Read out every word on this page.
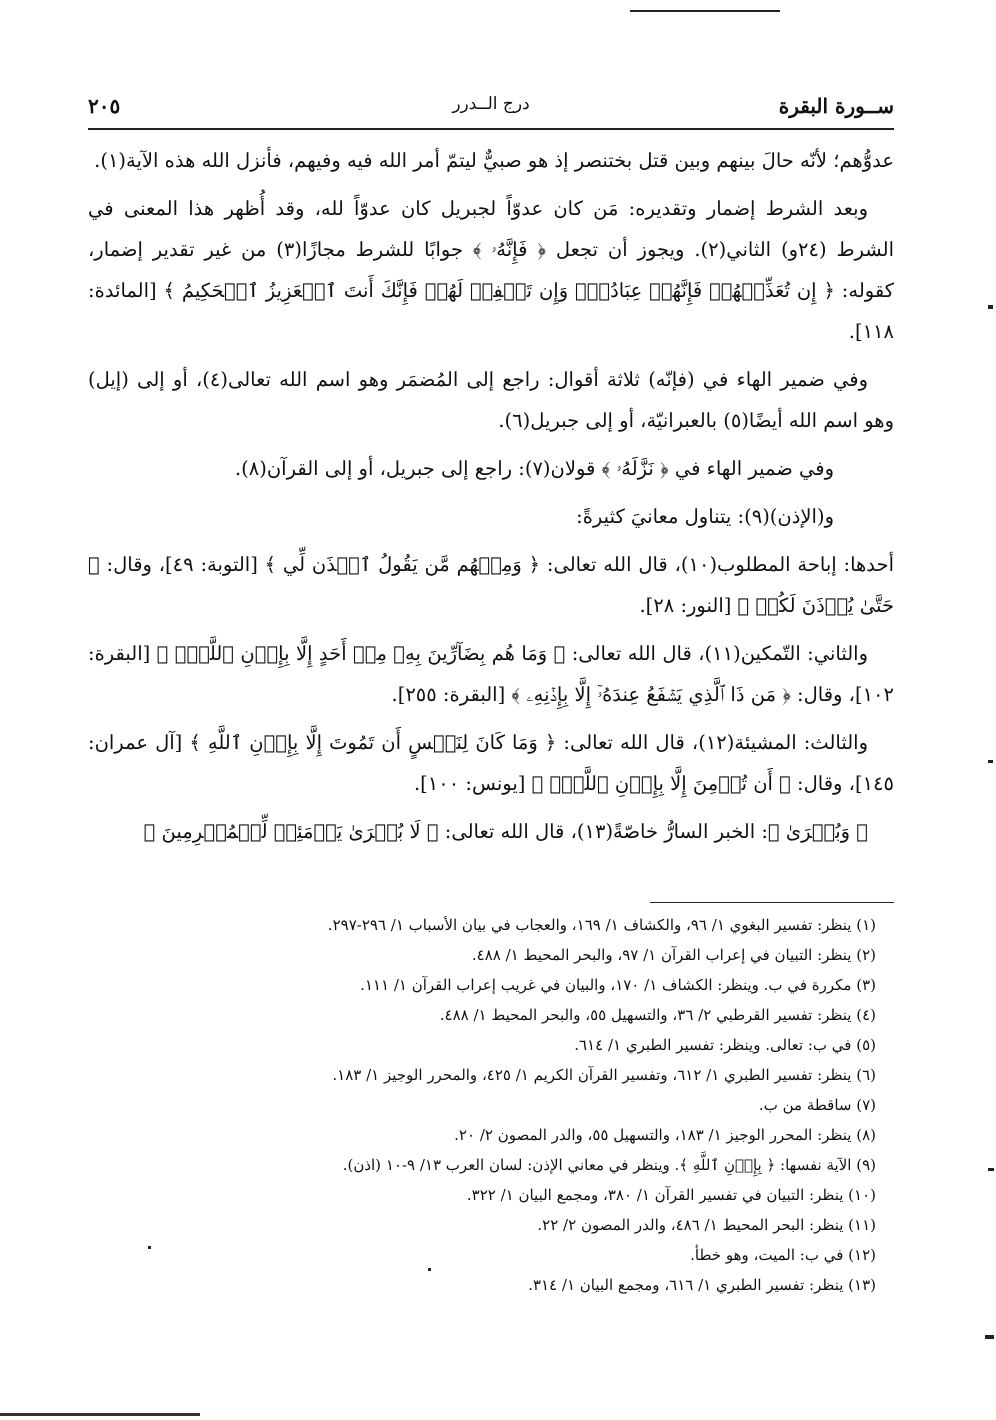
ســورة البقرة
درج الــدرر
٢٠٥

عدوُّهم؛ لأنّه حالَ بينهم وبين قتل بختنصر إذ هو صبيٌّ ليتمّ أمر الله فيه وفيهم، فأنزل الله هذه الآية(١).

وبعد الشرط إضمار وتقديره: مَن كان عدوّاً لجبريل كان عدوّاً لله، وقد أُظهر هذا المعنى في الشرط (٢٤و) الثاني(٢). ويجوز أن تجعل ﴿ فَإِنَّهُۥ ﴾ جوابًا للشرط مجازًا(٣) من غير تقدير إضمار، كقوله: ﴿ إِن تُعَذِّبۡهُمۡ فَإِنَّهُمۡ عِبَادُكَۖ وَإِن تَغۡفِرۡ لَهُمۡ فَإِنَّكَ أَنتَ ٱلۡعَزِيزُ ٱلۡحَكِيمُ ﴾ [المائدة: ١١٨].

وفي ضمير الهاء في (فإنّه) ثلاثة أقوال: راجع إلى المُضمَر وهو اسم الله تعالى(٤)، أو إلى (إيل) وهو اسم الله أيضًا(٥) بالعبرانيّة، أو إلى جبريل(٦).

وفي ضمير الهاء في ﴿ نَزَّلَهُۥ ﴾ قولان(٧): راجع إلى جبريل، أو إلى القرآن(٨).

و(الإذن)(٩): يتناول معانيَ كثيرةً:

أحدها: إباحة المطلوب(١٠)، قال الله تعالى: ﴿ وَمِنۡهُم مَّن يَقُولُ ٱئۡذَن لِّي ﴾ [التوبة: ٤٩]، وقال: ﴿ حَتَّىٰ يُؤۡذَنَ لَكُمۡ ﴾ [النور: ٢٨].

والثاني: التّمكين(١١)، قال الله تعالى: ﴿ وَمَا هُم بِضَآرِّينَ بِهِۦ مِنۡ أَحَدٍ إِلَّا بِإِذۡنِ ٱللَّهِۚ ﴾ [البقرة: ١٠٢]، وقال: ﴿ مَن ذَا ٱلَّذِي يَشۡفَعُ عِندَهُۥٓ إِلَّا بِإِذۡنِهِۦ ﴾ [البقرة: ٢٥٥].

والثالث: المشيئة(١٢)، قال الله تعالى: ﴿ وَمَا كَانَ لِنَفۡسٍ أَن تَمُوتَ إِلَّا بِإِذۡنِ ٱللَّهِ ﴾ [آل عمران: ١٤٥]، وقال: ﴿ أَن تُؤۡمِنَ إِلَّا بِإِذۡنِ ٱللَّهِۚ ﴾ [يونس: ١٠٠].

﴿ وَبُشۡرَىٰ ﴾: الخبر السارُّ خاصّةً(١٣)، قال الله تعالى: ﴿ لَا بُشۡرَىٰ يَوۡمَئِذٖ لِّلۡمُجۡرِمِينَ ﴾

(١) ينظر: تفسير البغوي ١/ ٩٦، والكشاف ١/ ١٦٩، والعجاب في بيان الأسباب ١/ ٢٩٦-٢٩٧.
(٢) ينظر: التبيان في إعراب القرآن ١/ ٩٧، والبحر المحيط ١/ ٤٨٨.
(٣) مكررة في ب. وينظر: الكشاف ١/ ١٧٠، والبيان في غريب إعراب القرآن ١/ ١١١.
(٤) ينظر: تفسير القرطبي ٢/ ٣٦، والتسهيل ٥٥، والبحر المحيط ١/ ٤٨٨.
(٥) في ب: تعالى. وينظر: تفسير الطبري ١/ ٦١٤.
(٦) ينظر: تفسير الطبري ١/ ٦١٢، وتفسير القرآن الكريم ١/ ٤٢٥، والمحرر الوجيز ١/ ١٨٣.
(٧) ساقطة من ب.
(٨) ينظر: المحرر الوجيز ١/ ١٨٣، والتسهيل ٥٥، والدر المصون ٢/ ٢٠.
(٩) الآية نفسها: ﴿ بِإِذۡنِ ٱللَّهِ ﴾. وينظر في معاني الإذن: لسان العرب ١٣/ ٩-١٠ (اذن).
(١٠) ينظر: التبيان في تفسير القرآن ١/ ٣٨٠، ومجمع البيان ١/ ٣٢٢.
(١١) ينظر: البحر المحيط ١/ ٤٨٦، والدر المصون ٢/ ٢٢.
(١٢) في ب: الميت، وهو خطأ.
(١٣) ينظر: تفسير الطبري ١/ ٦١٦، ومجمع البيان ١/ ٣١٤.
